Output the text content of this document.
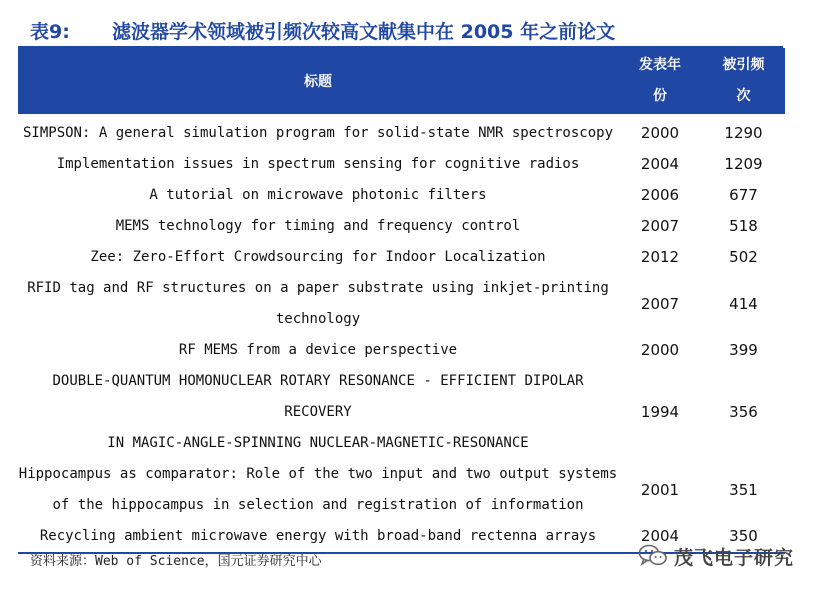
表9: 滤波器学术领域被引频次较高文献集中在 2005 年之前论文
标题	发表年
份	被引频
次

SIMPSON: A general simulation program for solid-state NMR spectroscopy	2000	1290

Implementation issues in spectrum sensing for cognitive radios	2004	1209

A tutorial on microwave photonic filters	2006	677

MEMS technology for timing and frequency control	2007	518

Zee: Zero-Effort Crowdsourcing for Indoor Localization	2012	502

RFID tag and RF structures on a paper substrate using inkjet-printing
technology	2007	414

RF MEMS from a device perspective	2000	399

DOUBLE-QUANTUM HOMONUCLEAR ROTARY RESONANCE - EFFICIENT DIPOLAR RECOVERY
IN MAGIC-ANGLE-SPINNING NUCLEAR-MAGNETIC-RESONANCE	1994	356

Hippocampus as comparator: Role of the two input and two output systems
of the hippocampus in selection and registration of information	2001	351

Recycling ambient microwave energy with broad-band rectenna arrays	2004	350

资料来源：Web of Science，国元证券研究中心	茂飞电子研究
